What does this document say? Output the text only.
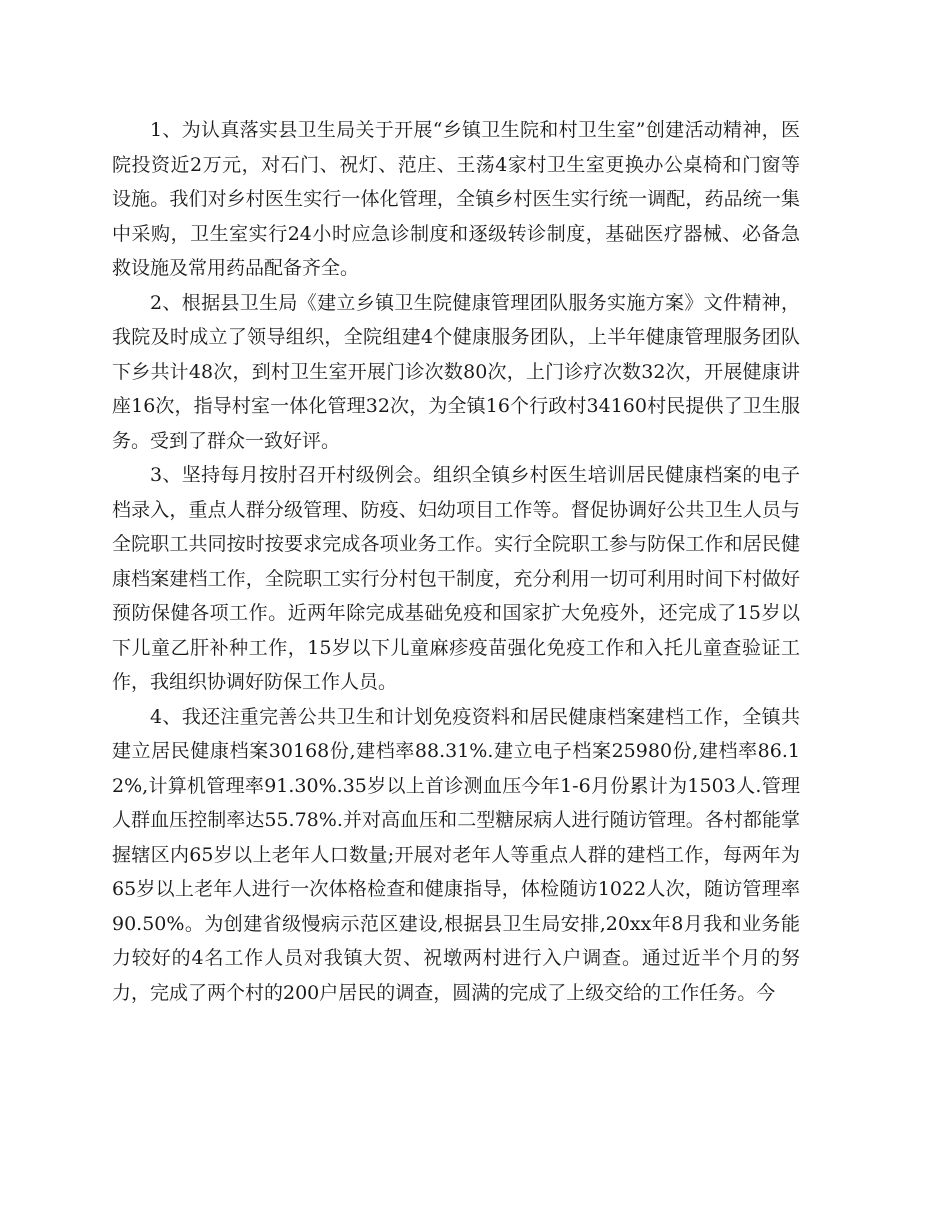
1、为认真落实县卫生局关于开展“乡镇卫生院和村卫生室”创建活动精神，医院投资近2万元，对石门、祝灯、范庄、王荡4家村卫生室更换办公桌椅和门窗等设施。我们对乡村医生实行一体化管理，全镇乡村医生实行统一调配，药品统一集中采购，卫生室实行24小时应急诊制度和逐级转诊制度，基础医疗器械、必备急救设施及常用药品配备齐全。

2、根据县卫生局《建立乡镇卫生院健康管理团队服务实施方案》文件精神，我院及时成立了领导组织，全院组建4个健康服务团队，上半年健康管理服务团队下乡共计48次，到村卫生室开展门诊次数80次，上门诊疗次数32次，开展健康讲座16次，指导村室一体化管理32次，为全镇16个行政村34160村民提供了卫生服务。受到了群众一致好评。

3、坚持每月按肘召开村级例会。组织全镇乡村医生培训居民健康档案的电子档录入，重点人群分级管理、防疫、妇幼项目工作等。督促协调好公共卫生人员与全院职工共同按时按要求完成各项业务工作。实行全院职工参与防保工作和居民健康档案建档工作，全院职工实行分村包干制度，充分利用一切可利用时间下村做好预防保健各项工作。近两年除完成基础免疫和国家扩大免疫外，还完成了15岁以下儿童乙肝补种工作，15岁以下儿童麻疹疫苗强化免疫工作和入托儿童查验证工作，我组织协调好防保工作人员。

4、我还注重完善公共卫生和计划免疫资料和居民健康档案建档工作，全镇共建立居民健康档案30168份,建档率88.31%.建立电子档案25980份,建档率86.12%,计算机管理率91.30%.35岁以上首诊测血压今年1-6月份累计为1503人.管理人群血压控制率达55.78%.并对高血压和二型糖尿病人进行随访管理。各村都能掌握辖区内65岁以上老年人口数量;开展对老年人等重点人群的建档工作，每两年为65岁以上老年人进行一次体格检查和健康指导，体检随访1022人次，随访管理率90.50%。为创建省级慢病示范区建设,根据县卫生局安排,20xx年8月我和业务能力较好的4名工作人员对我镇大贺、祝墩两村进行入户调查。通过近半个月的努力，完成了两个村的200户居民的调查，圆满的完成了上级交给的工作任务。今
